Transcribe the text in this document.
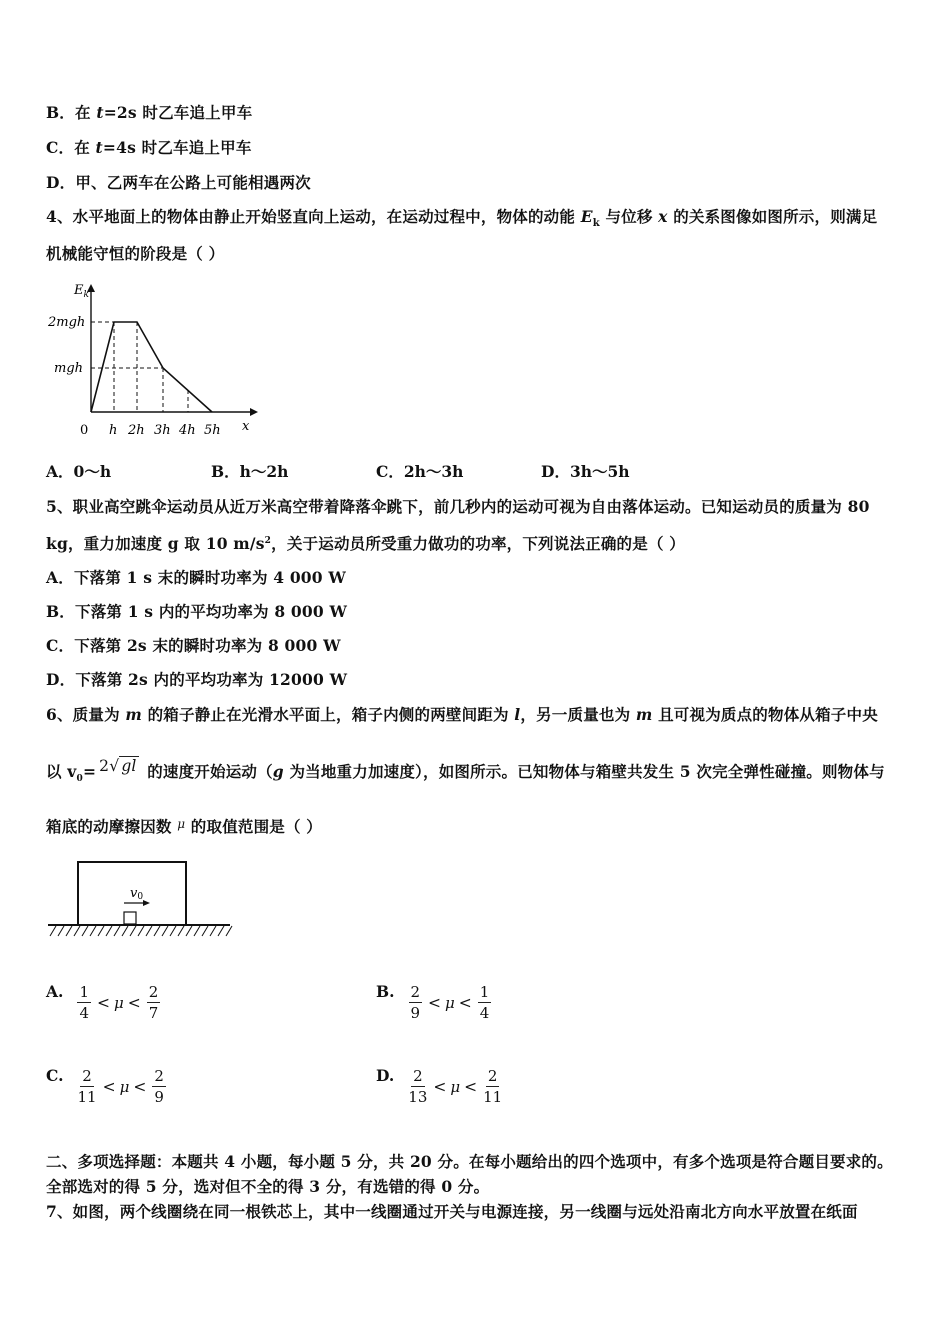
B．在 t=2s 时乙车追上甲车
C．在 t=4s 时乙车追上甲车
D．甲、乙两车在公路上可能相遇两次
4、水平地面上的物体由静止开始竖直向上运动，在运动过程中，物体的动能 $E_k$ 与位移 x 的关系图像如图所示，则满足
机械能守恒的阶段是（ ）
$E_k$
2mgh
mgh
0 h 2h 3h 4h 5h x
A．0～h	B．h～2h	C．2h～3h	D．3h～5h
5、职业高空跳伞运动员从近万米高空带着降落伞跳下，前几秒内的运动可视为自由落体运动。已知运动员的质量为 80
kg，重力加速度 g 取 10 $m/s^2$，关于运动员所受重力做功的功率，下列说法正确的是（ ）
A．下落第 1 s 末的瞬时功率为 4 000 W
B．下落第 1 s 内的平均功率为 8 000 W
C．下落第 2s 末的瞬时功率为 8 000 W
D．下落第 2s 内的平均功率为 12000 W
6、质量为 m 的箱子静止在光滑水平面上，箱子内侧的两壁间距为 l，另一质量也为 m 且可视为质点的物体从箱子中央
以 $v_0= 2√$ gl 的速度开始运动（g 为当地重力加速度），如图所示。已知物体与箱壁共发生 5 次完全弹性碰撞。则物体与
箱底的动摩擦因数 $^\mu$ 的取值范围是（ ）
v0
A. $\frac{1}{4} < \mu < \frac{2}{7}$	B. $\frac{2}{9} < \mu < \frac{1}{4}$
C. $\frac{2}{11} < \mu < \frac{2}{9}$	D. $\frac{2}{13} < \mu < \frac{2}{11}$
二、多项选择题：本题共 4 小题，每小题 5 分，共 20 分。在每小题给出的四个选项中，有多个选项是符合题目要求的。
全部选对的得 5 分，选对但不全的得 3 分，有选错的得 0 分。
7、如图，两个线圈绕在同一根铁芯上，其中一线圈通过开关与电源连接，另一线圈与远处沿南北方向水平放置在纸面
